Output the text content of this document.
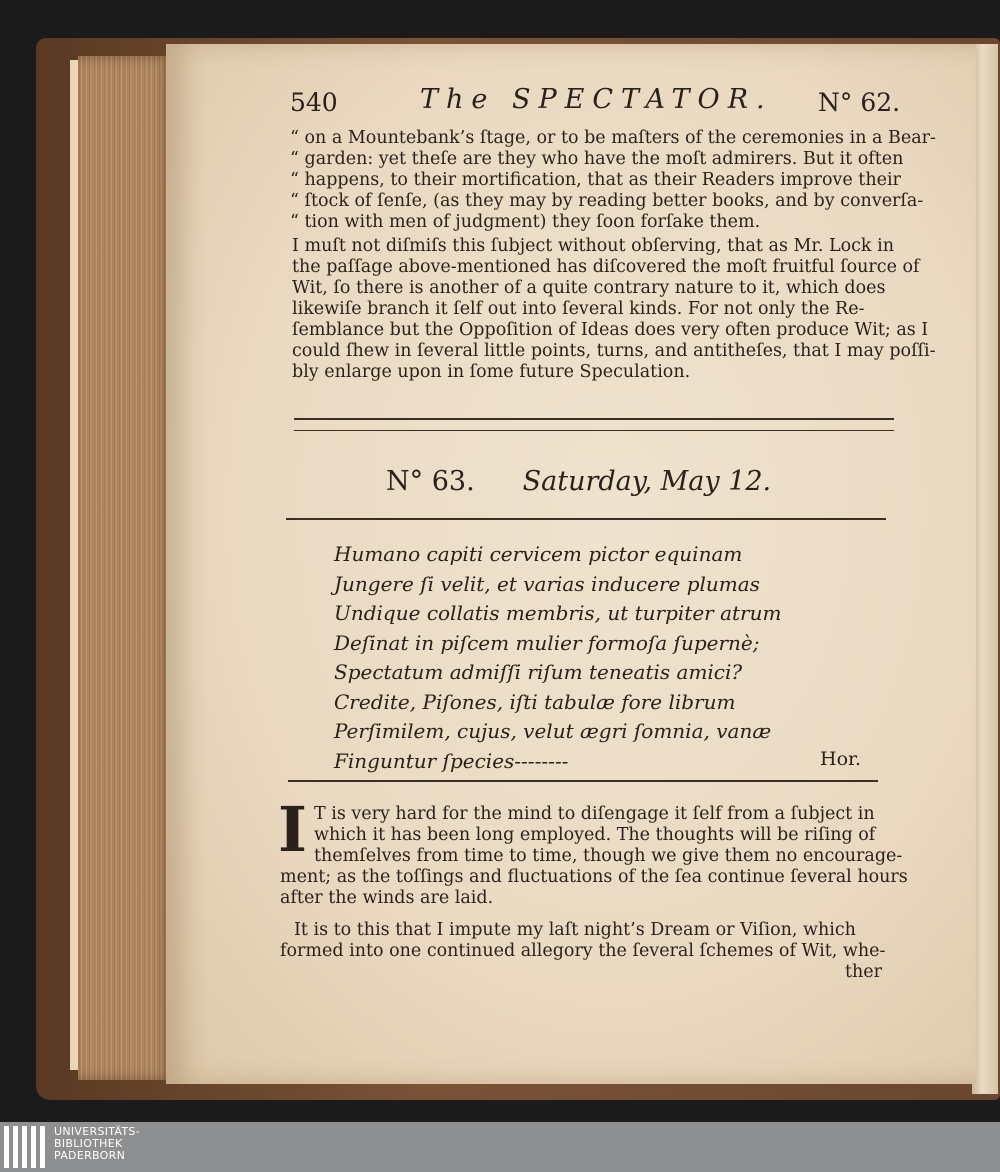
540	The SPECTATOR. N° 62.
“ on a Mountebank’s ſtage, or to be maſters of the ceremonies in a Bear-
“ garden: yet theſe are they who have the moſt admirers. But it often
“ happens, to their mortification, that as their Readers improve their
“ ſtock of ſenſe, (as they may by reading better books, and by converſa-
“ tion with men of judgment) they ſoon forſake them.
I muſt not diſmiſs this ſubject without obſerving, that as Mr. Lock in
the paſſage above-mentioned has diſcovered the moſt fruitful ſource of
Wit, ſo there is another of a quite contrary nature to it, which does
likewiſe branch it ſelf out into ſeveral kinds. For not only the Re-
ſemblance but the Oppoſition of Ideas does very often produce Wit; as I
could ſhew in ſeveral little points, turns, and antitheſes, that I may poſſi-
bly enlarge upon in ſome future Speculation.
N° 63. Saturday, May 12.
Humano capiti cervicem pictor equinam
Jungere ſi velit, et varias inducere plumas
Undique collatis membris, ut turpiter atrum
Deſinat in piſcem mulier formoſa ſupernè;
Spectatum admiſſi riſum teneatis amici?
Credite, Piſones, iſti tabulæ fore librum
Perſimilem, cujus, velut ægri ſomnia, vanæ
Finguntur ſpecies--------	Hor.
I T is very hard for the mind to diſengage it ſelf from a ſubject in
which it has been long employed. The thoughts will be riſing of
themſelves from time to time, though we give them no encourage-
ment; as the toſſings and fluctuations of the ſea continue ſeveral hours
after the winds are laid.
It is to this that I impute my laſt night’s Dream or Viſion, which
formed into one continued allegory the ſeveral ſchemes of Wit, whe-
ther
UNIVERSITÄTS-
BIBLIOTHEK
PADERBORN
